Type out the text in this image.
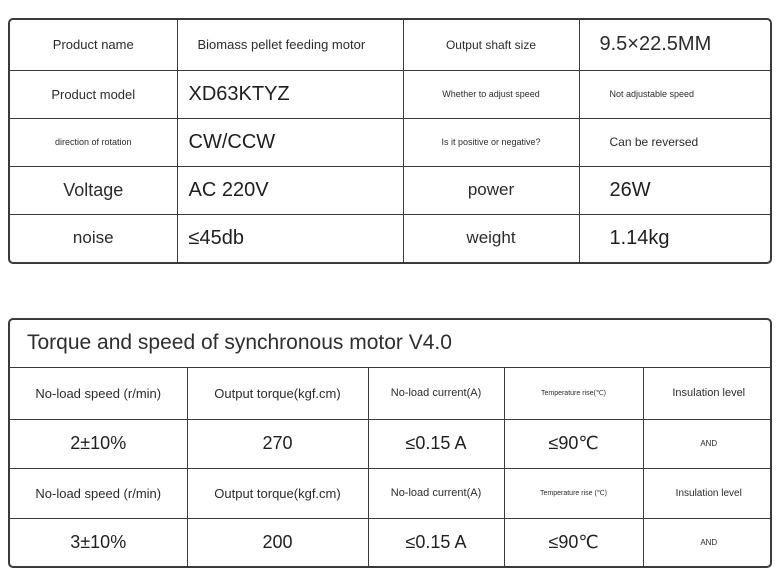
Product name	Biomass pellet feeding motor	Output shaft size	9.5×22.5MM
Product model	XD63KTYZ	Whether to adjust speed	Not adjustable speed
direction of rotation	CW/CCW	Is it positive or negative?	Can be reversed
Voltage	AC 220V	power	26W
noise	≤45db	weight	1.14kg
Torque and speed of synchronous motor V4.0				
No-load speed (r/min)	Output torque(kgf.cm)	No-load current(A)	Temperature rise(℃)	Insulation level
2±10%	270	≤0.15 A	≤90℃	AND
No-load speed (r/min)	Output torque(kgf.cm)	No-load current(A)	Temperature rise (℃)	Insulation level
3±10%	200	≤0.15 A	≤90℃	AND
